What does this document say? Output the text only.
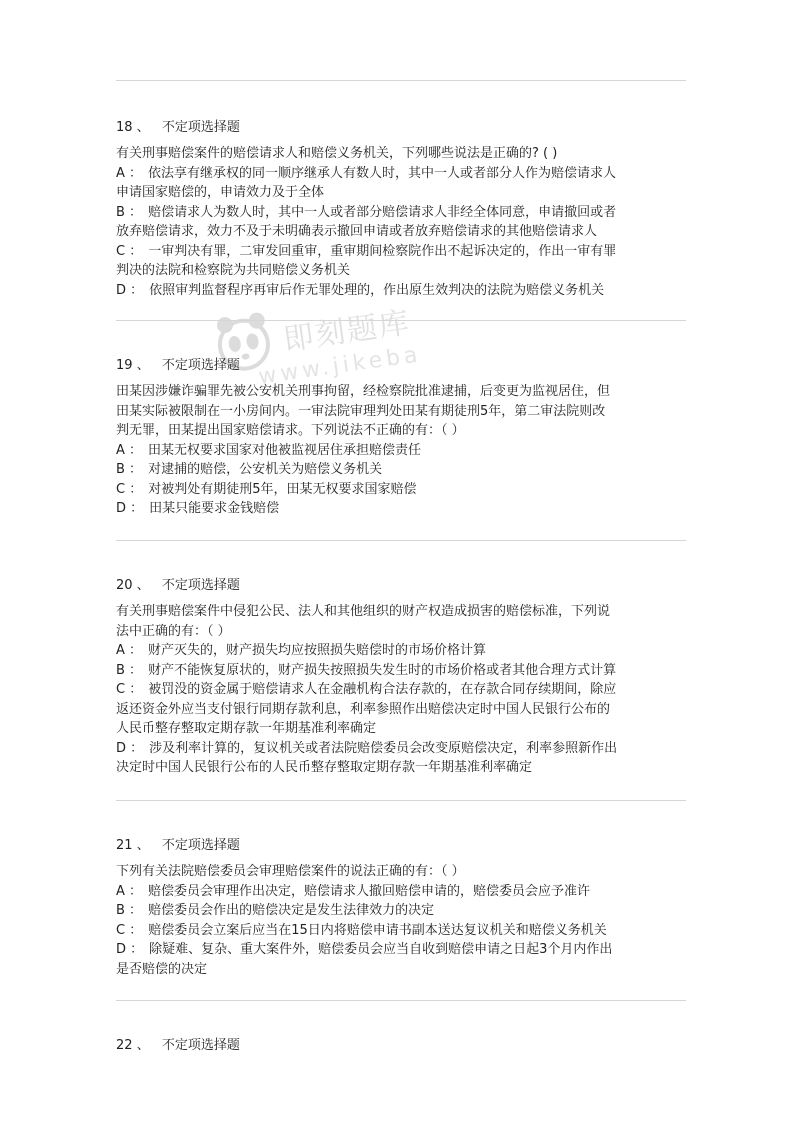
即刻题库
www.jikeba
18 、 不定项选择题
有关刑事赔偿案件的赔偿请求人和赔偿义务机关，下列哪些说法是正确的? ( )
A ： 依法享有继承权的同一顺序继承人有数人时，其中一人或者部分人作为赔偿请求人
申请国家赔偿的，申请效力及于全体
B ： 赔偿请求人为数人时，其中一人或者部分赔偿请求人非经全体同意，申请撤回或者
放弃赔偿请求，效力不及于未明确表示撤回申请或者放弃赔偿请求的其他赔偿请求人
C ： 一审判决有罪，二审发回重审，重审期间检察院作出不起诉决定的，作出一审有罪
判决的法院和检察院为共同赔偿义务机关
D ： 依照审判监督程序再审后作无罪处理的，作出原生效判决的法院为赔偿义务机关
19 、 不定项选择题
田某因涉嫌诈骗罪先被公安机关刑事拘留，经检察院批准逮捕，后变更为监视居住，但
田某实际被限制在一小房间内。一审法院审理判处田某有期徒刑5年，第二审法院则改
判无罪，田某提出国家赔偿请求。下列说法不正确的有：（ ）
A ： 田某无权要求国家对他被监视居住承担赔偿责任
B ： 对逮捕的赔偿，公安机关为赔偿义务机关
C ： 对被判处有期徒刑5年，田某无权要求国家赔偿
D ： 田某只能要求金钱赔偿
20 、 不定项选择题
有关刑事赔偿案件中侵犯公民、法人和其他组织的财产权造成损害的赔偿标准，下列说
法中正确的有：（ ）
A ： 财产灭失的，财产损失均应按照损失赔偿时的市场价格计算
B ： 财产不能恢复原状的，财产损失按照损失发生时的市场价格或者其他合理方式计算
C ： 被罚没的资金属于赔偿请求人在金融机构合法存款的，在存款合同存续期间，除应
返还资金外应当支付银行同期存款利息，利率参照作出赔偿决定时中国人民银行公布的
人民币整存整取定期存款一年期基准利率确定
D ： 涉及利率计算的，复议机关或者法院赔偿委员会改变原赔偿决定，利率参照新作出
决定时中国人民银行公布的人民币整存整取定期存款一年期基准利率确定
21 、 不定项选择题
下列有关法院赔偿委员会审理赔偿案件的说法正确的有：（ ）
A ： 赔偿委员会审理作出决定，赔偿请求人撤回赔偿申请的，赔偿委员会应予准许
B ： 赔偿委员会作出的赔偿决定是发生法律效力的决定
C ： 赔偿委员会立案后应当在15日内将赔偿申请书副本送达复议机关和赔偿义务机关
D ： 除疑难、复杂、重大案件外，赔偿委员会应当自收到赔偿申请之日起3个月内作出
是否赔偿的决定
22 、 不定项选择题
